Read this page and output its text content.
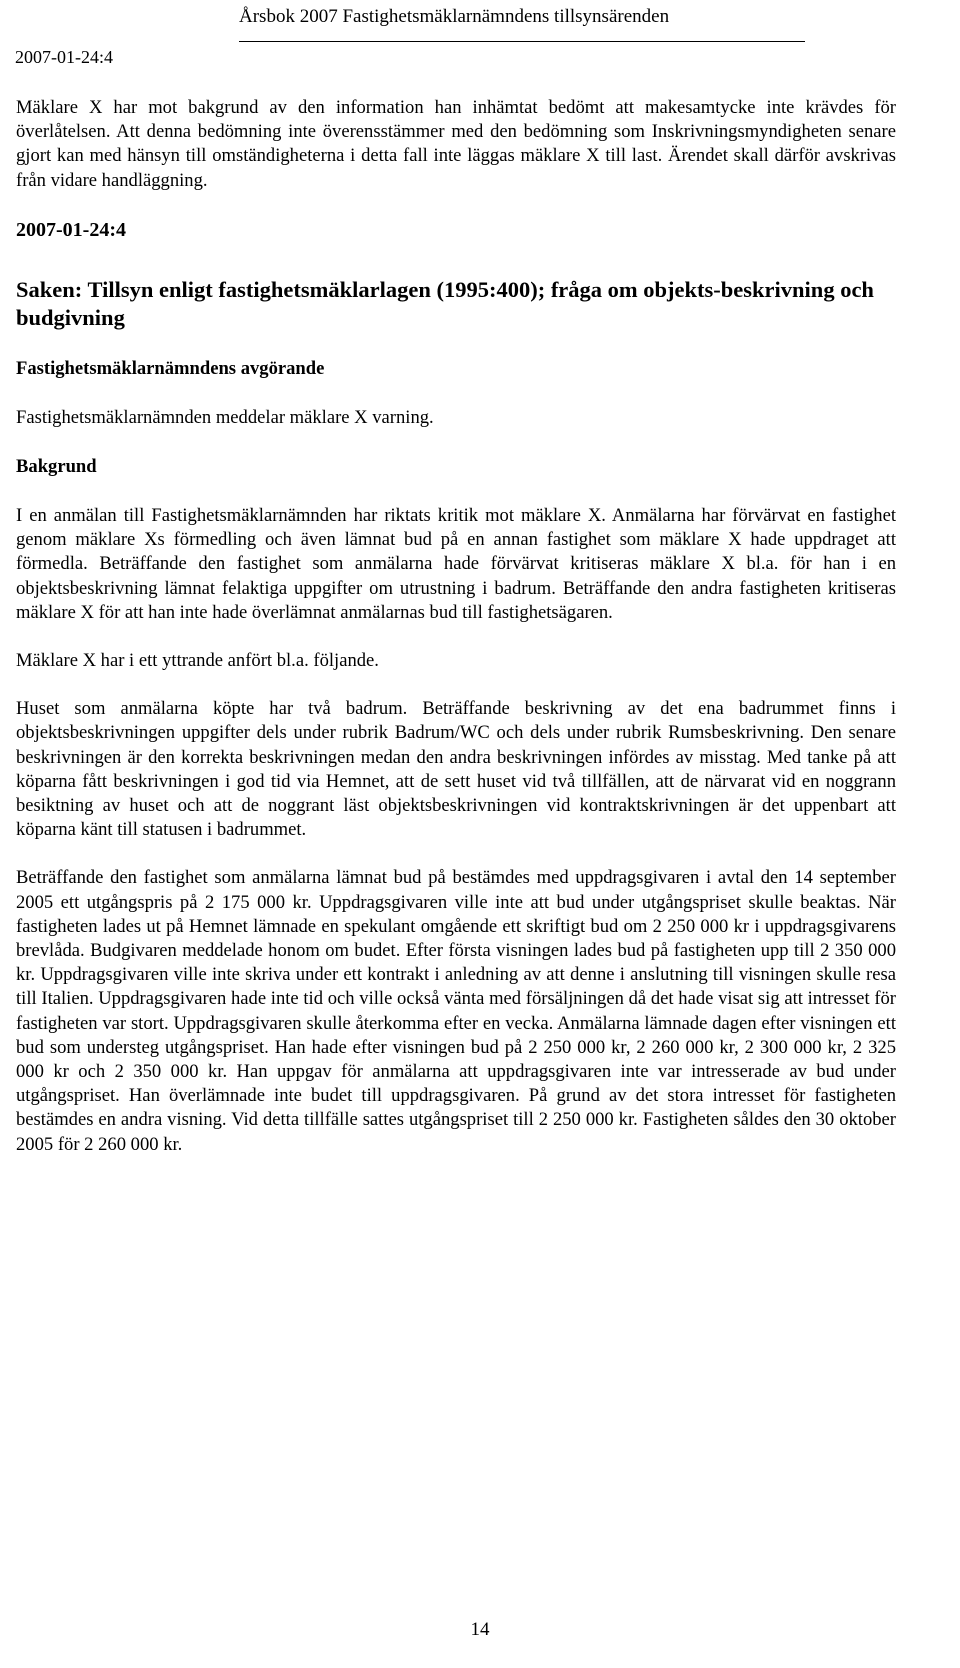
2007-01-24:4
Årsbok 2007 Fastighetsmäklarnämndens tillsynsärenden

Mäklare X har mot bakgrund av den information han inhämtat bedömt att makesamtycke inte krävdes för överlåtelsen. Att denna bedömning inte överensstämmer med den bedömning som Inskrivningsmyndigheten senare gjort kan med hänsyn till omständigheterna i detta fall inte läggas mäklare X till last. Ärendet skall därför avskrivas från vidare handläggning.

2007-01-24:4

Saken: Tillsyn enligt fastighetsmäklarlagen (1995:400); fråga om objekts-beskrivning och budgivning

Fastighetsmäklarnämndens avgörande

Fastighetsmäklarnämnden meddelar mäklare X varning.

Bakgrund

I en anmälan till Fastighetsmäklarnämnden har riktats kritik mot mäklare X. Anmälarna har förvärvat en fastighet genom mäklare Xs förmedling och även lämnat bud på en annan fastighet som mäklare X hade uppdraget att förmedla. Beträffande den fastighet som anmälarna hade förvärvat kritiseras mäklare X bl.a. för han i en objektsbeskrivning lämnat felaktiga uppgifter om utrustning i badrum. Beträffande den andra fastigheten kritiseras mäklare X för att han inte hade överlämnat anmälarnas bud till fastighetsägaren.

Mäklare X har i ett yttrande anfört bl.a. följande.

Huset som anmälarna köpte har två badrum. Beträffande beskrivning av det ena badrummet finns i objektsbeskrivningen uppgifter dels under rubrik Badrum/WC och dels under rubrik Rumsbeskrivning. Den senare beskrivningen är den korrekta beskrivningen medan den andra beskrivningen infördes av misstag. Med tanke på att köparna fått beskrivningen i god tid via Hemnet, att de sett huset vid två tillfällen, att de närvarat vid en noggrann besiktning av huset och att de noggrant läst objektsbeskrivningen vid kontraktskrivningen är det uppenbart att köparna känt till statusen i badrummet.

Beträffande den fastighet som anmälarna lämnat bud på bestämdes med uppdragsgivaren i avtal den 14 september 2005 ett utgångspris på 2 175 000 kr. Uppdragsgivaren ville inte att bud under utgångspriset skulle beaktas. När fastigheten lades ut på Hemnet lämnade en spekulant omgående ett skriftigt bud om 2 250 000 kr i uppdragsgivarens brevlåda. Budgivaren meddelade honom om budet. Efter första visningen lades bud på fastigheten upp till 2 350 000 kr. Uppdragsgivaren ville inte skriva under ett kontrakt i anledning av att denne i anslutning till visningen skulle resa till Italien. Uppdragsgivaren hade inte tid och ville också vänta med försäljningen då det hade visat sig att intresset för fastigheten var stort. Uppdragsgivaren skulle återkomma efter en vecka. Anmälarna lämnade dagen efter visningen ett bud som understeg utgångspriset. Han hade efter visningen bud på 2 250 000 kr, 2 260 000 kr, 2 300 000 kr, 2 325 000 kr och 2 350 000 kr. Han uppgav för anmälarna att uppdragsgivaren inte var intresserade av bud under utgångspriset. Han överlämnade inte budet till uppdragsgivaren. På grund av det stora intresset för fastigheten bestämdes en andra visning. Vid detta tillfälle sattes utgångspriset till 2 250 000 kr. Fastigheten såldes den 30 oktober 2005 för 2 260 000 kr.

14
